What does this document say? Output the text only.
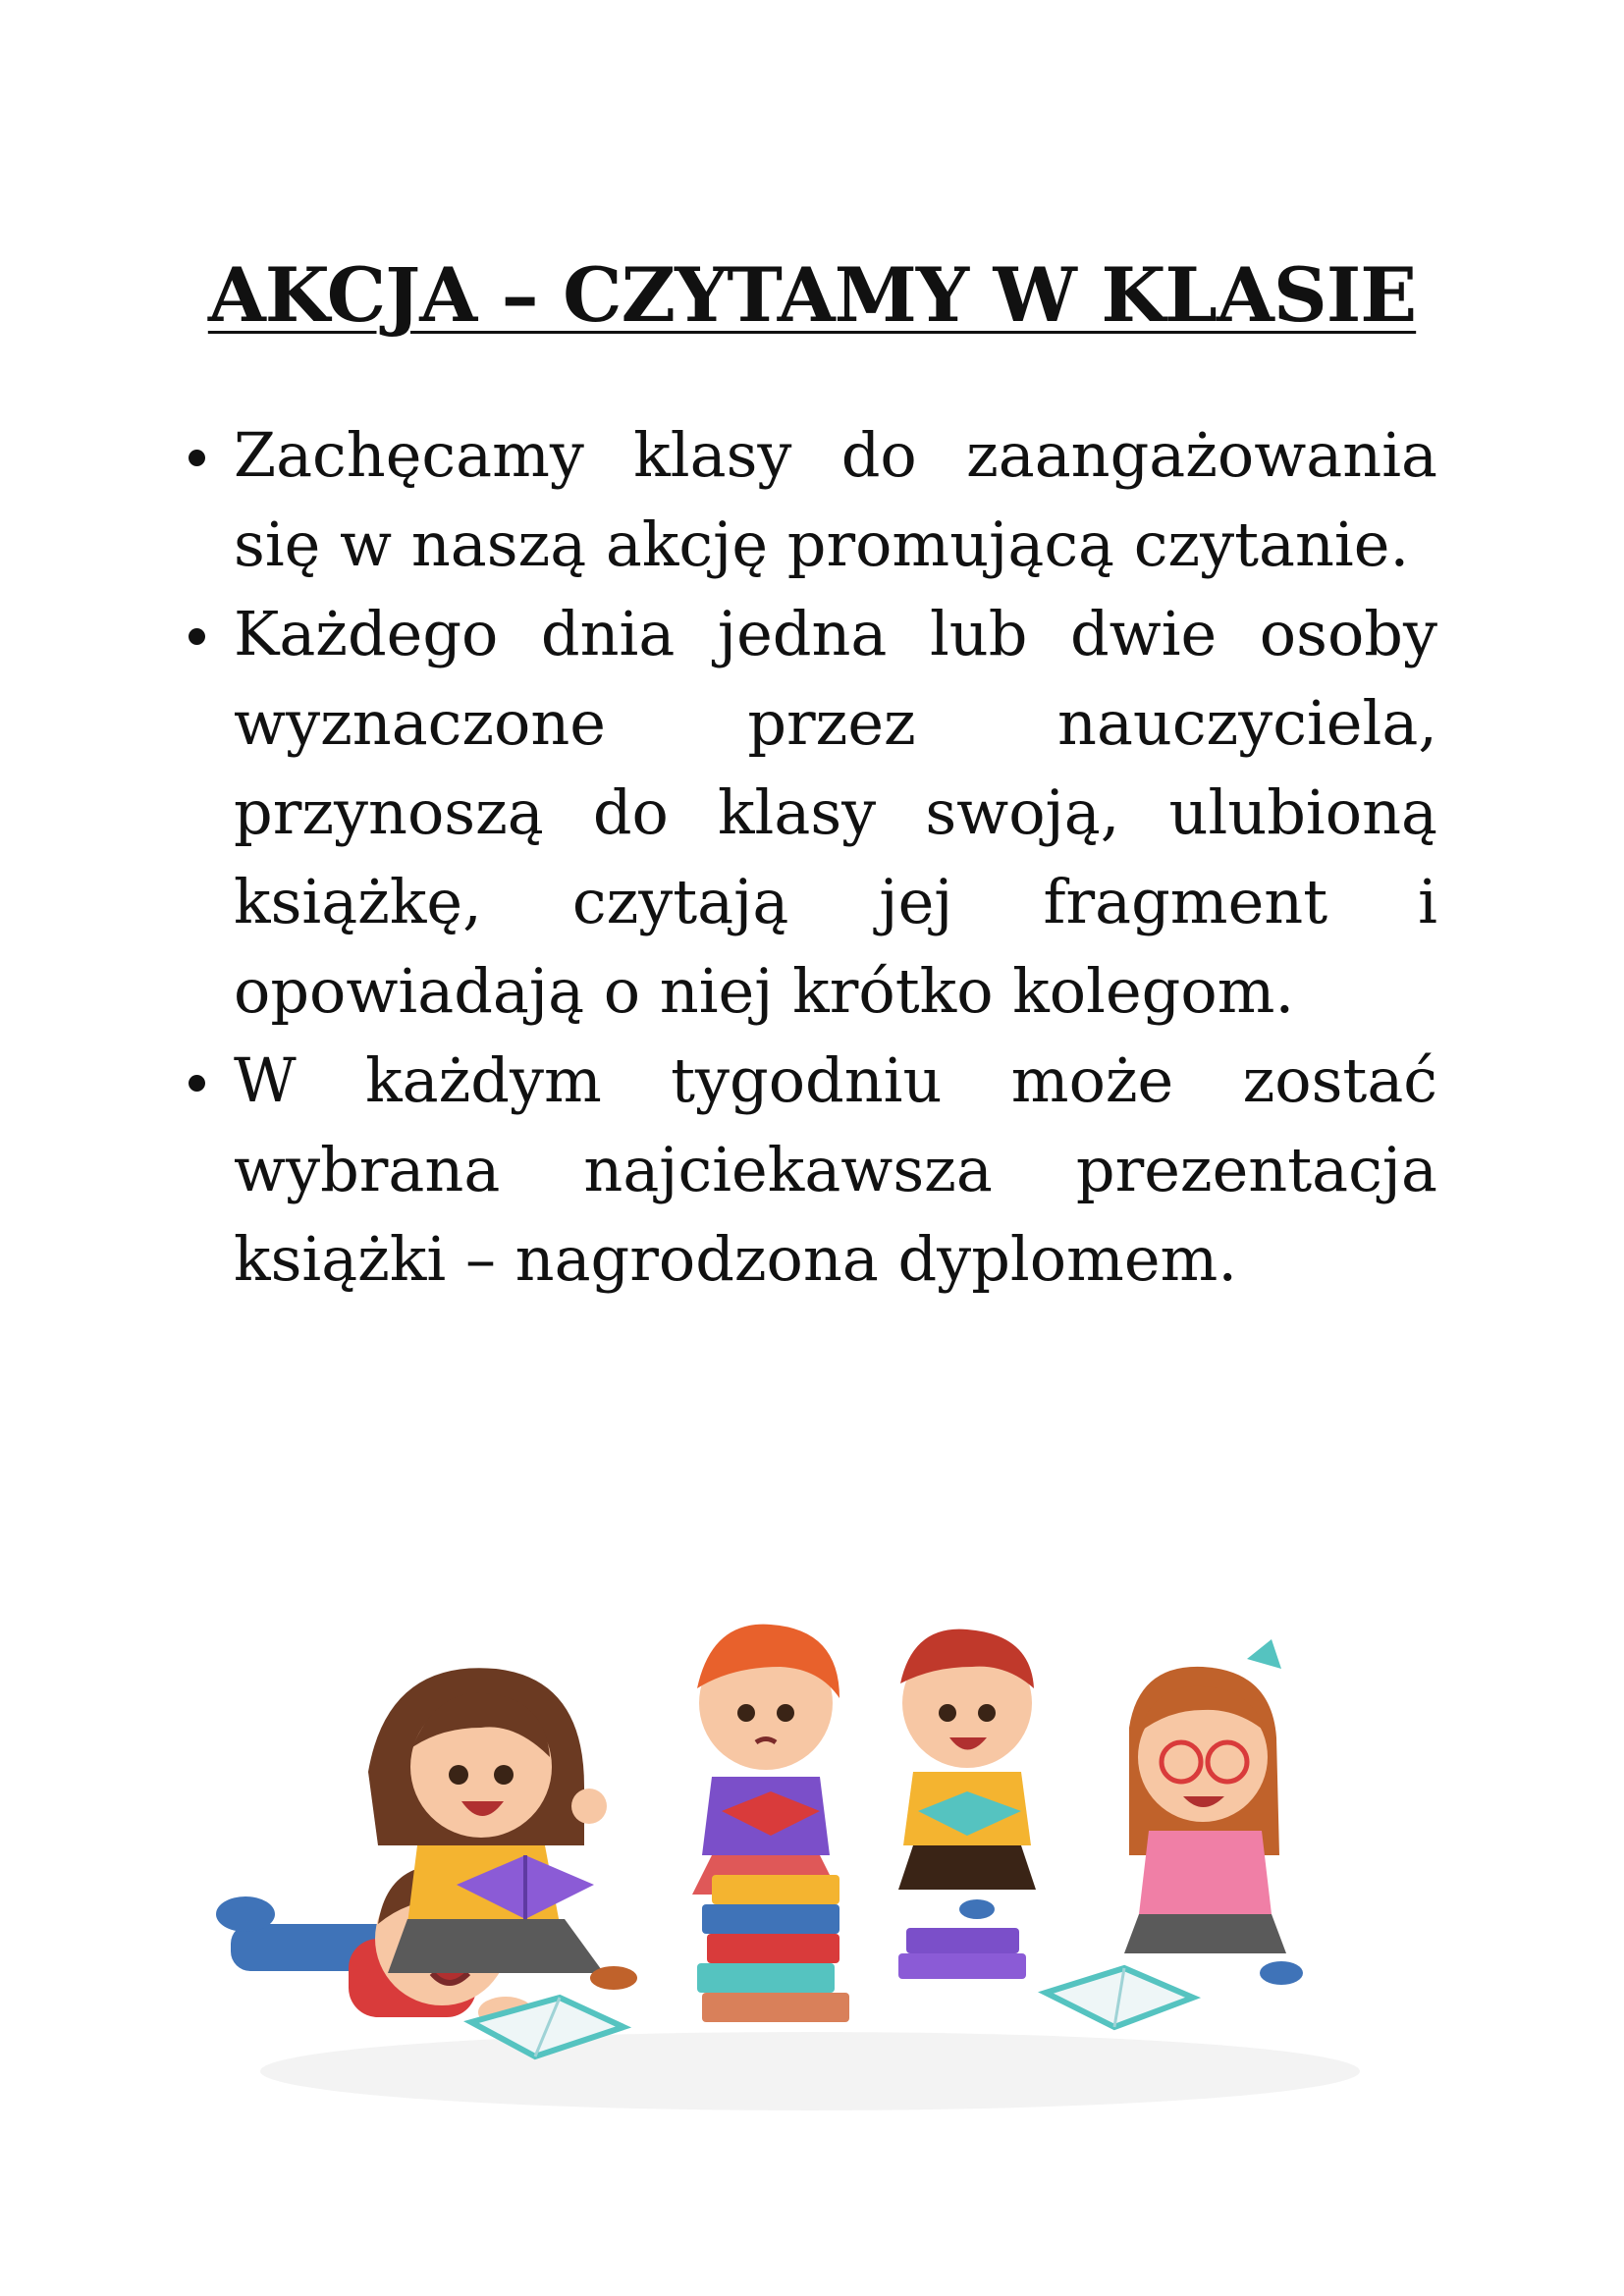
AKCJA – CZYTAMY W KLASIE
Zachęcamy klasy do zaangażowania się w naszą akcję promującą czytanie.
Każdego dnia jedna lub dwie osoby wyznaczone przez nauczyciela, przynoszą do klasy swoją, ulubioną książkę, czytają jej fragment i opowiadają o niej krótko kolegom.
W każdym tygodniu może zostać wybrana najciekawsza prezentacja książki – nagrodzona dyplomem.
